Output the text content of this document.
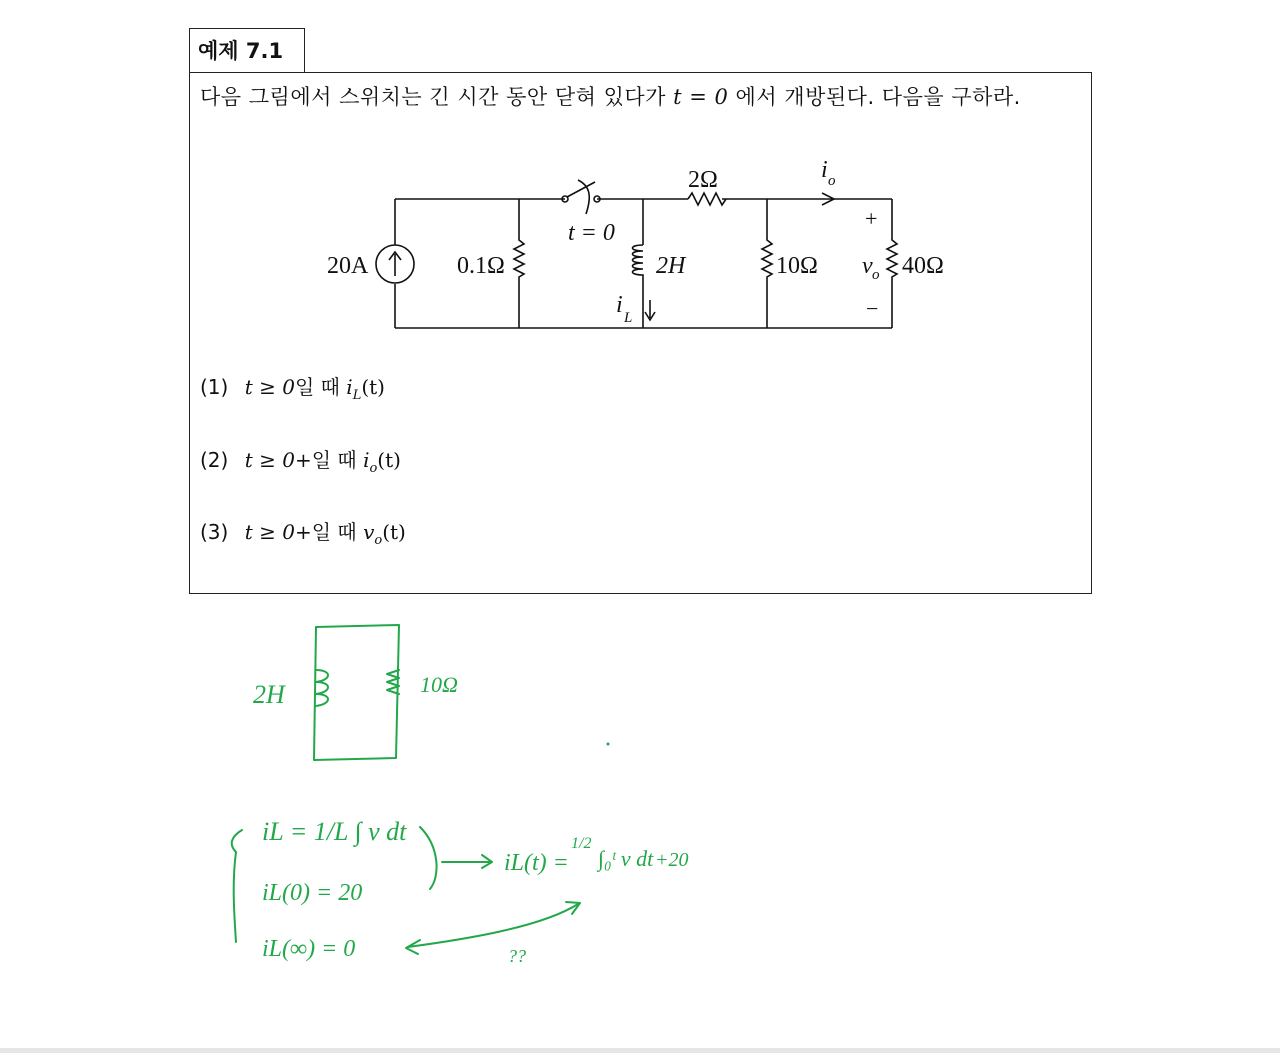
예제 7.1
다음 그림에서 스위치는 긴 시간 동안 닫혀 있다가 t = 0 에서 개방된다. 다음을 구하라.
20A	0.1Ω
t = 0
2H
i L
2Ω
10Ω
i o
v o 40Ω
+
−
(1) t ≥ 0일 때 $i_L(t)$
(2) t ≥ 0+일 때 $i_o(t)$
(3) t ≥ 0+일 때 $v_o(t)$
2H	10Ω
iL = 1/L ∫ v dt
iL(0) = 20
iL(∞) = 0
iL(t) =
1/2
∫₀ᵗ v dt +20
??
